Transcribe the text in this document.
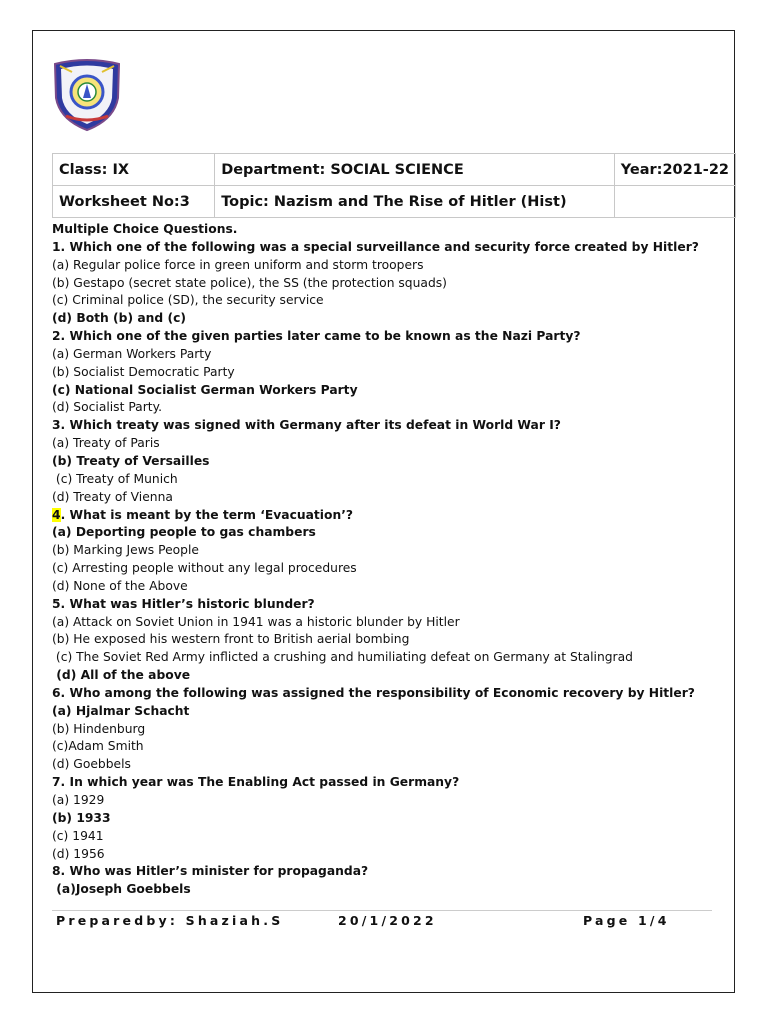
Class: IX	Department: SOCIAL SCIENCE	Year:2021-22
Worksheet No:3	Topic: Nazism and The Rise of Hitler (Hist)	
Multiple Choice Questions.
1. Which one of the following was a special surveillance and security force created by Hitler?
(a) Regular police force in green uniform and storm troopers
(b) Gestapo (secret state police), the SS (the protection squads)
(c) Criminal police (SD), the security service
(d) Both (b) and (c)
2. Which one of the given parties later came to be known as the Nazi Party?
(a) German Workers Party
(b) Socialist Democratic Party
(c) National Socialist German Workers Party
(d) Socialist Party.
3. Which treaty was signed with Germany after its defeat in World War I?
(a) Treaty of Paris
(b) Treaty of Versailles
(c) Treaty of Munich
(d) Treaty of Vienna
4. What is meant by the term ‘Evacuation’?
(a) Deporting people to gas chambers
(b) Marking Jews People
(c) Arresting people without any legal procedures
(d) None of the Above
5. What was Hitler’s historic blunder?
(a) Attack on Soviet Union in 1941 was a historic blunder by Hitler
(b) He exposed his western front to British aerial bombing
(c) The Soviet Red Army inflicted a crushing and humiliating defeat on Germany at Stalingrad
(d) All of the above
6. Who among the following was assigned the responsibility of Economic recovery by Hitler?
(a) Hjalmar Schacht
(b) Hindenburg
(c)Adam Smith
(d) Goebbels
7. In which year was The Enabling Act passed in Germany?
(a) 1929
(b) 1933
(c) 1941
(d) 1956
8. Who was Hitler’s minister for propaganda?
(a)Joseph Goebbels
Preparedby: Shaziah.S	20/1/2022	Page 1/4
